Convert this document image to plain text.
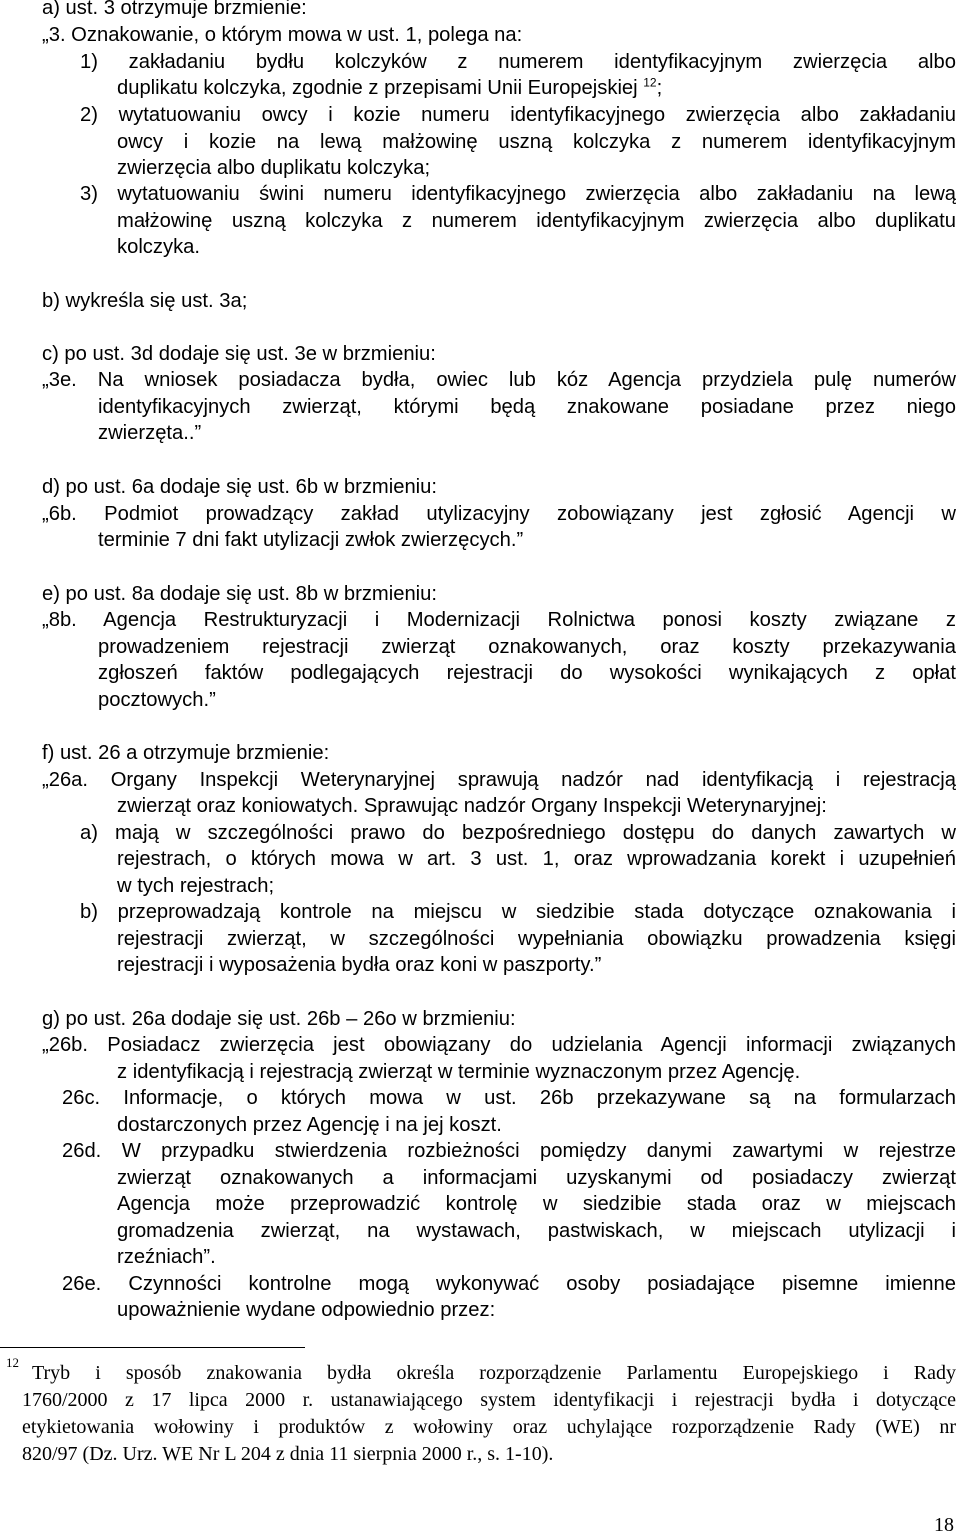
a) ust. 3 otrzymuje brzmienie:
„3. Oznakowanie, o którym mowa w ust. 1, polega na:
1) zakładaniu bydłu kolczyków z numerem identyfikacyjnym zwierzęcia albo
duplikatu kolczyka, zgodnie z przepisami Unii Europejskiej $^{12}$;
2) wytatuowaniu owcy i kozie numeru identyfikacyjnego zwierzęcia albo zakładaniu
owcy i kozie na lewą małżowinę uszną kolczyka z numerem identyfikacyjnym
zwierzęcia albo duplikatu kolczyka;
3) wytatuowaniu świni numeru identyfikacyjnego zwierzęcia albo zakładaniu na lewą
małżowinę uszną kolczyka z numerem identyfikacyjnym zwierzęcia albo duplikatu
kolczyka.
b) wykreśla się ust. 3a;
c) po ust. 3d dodaje się ust. 3e w brzmieniu:
„3e. Na wniosek posiadacza bydła, owiec lub kóz Agencja przydziela pulę numerów
identyfikacyjnych zwierząt, którymi będą znakowane posiadane przez niego
zwierzęta..”
d) po ust. 6a dodaje się ust. 6b w brzmieniu:
„6b. Podmiot prowadzący zakład utylizacyjny zobowiązany jest zgłosić Agencji w
terminie 7 dni fakt utylizacji zwłok zwierzęcych.”
e) po ust. 8a dodaje się ust. 8b w brzmieniu:
„8b. Agencja Restrukturyzacji i Modernizacji Rolnictwa ponosi koszty związane z
prowadzeniem rejestracji zwierząt oznakowanych, oraz koszty przekazywania
zgłoszeń faktów podlegających rejestracji do wysokości wynikających z opłat
pocztowych.”
f) ust. 26 a otrzymuje brzmienie:
„26a. Organy Inspekcji Weterynaryjnej sprawują nadzór nad identyfikacją i rejestracją
zwierząt oraz koniowatych. Sprawując nadzór Organy Inspekcji Weterynaryjnej:
a) mają w szczególności prawo do bezpośredniego dostępu do danych zawartych w
rejestrach, o których mowa w art. 3 ust. 1, oraz wprowadzania korekt i uzupełnień
w tych rejestrach;
b) przeprowadzają kontrole na miejscu w siedzibie stada dotyczące oznakowania i
rejestracji zwierząt, w szczególności wypełniania obowiązku prowadzenia księgi
rejestracji i wyposażenia bydła oraz koni w paszporty.”
g) po ust. 26a dodaje się ust. 26b – 26o w brzmieniu:
„26b. Posiadacz zwierzęcia jest obowiązany do udzielania Agencji informacji związanych
z identyfikacją i rejestracją zwierząt w terminie wyznaczonym przez Agencję.
26c. Informacje, o których mowa w ust. 26b przekazywane są na formularzach
dostarczonych przez Agencję i na jej koszt.
26d. W przypadku stwierdzenia rozbieżności pomiędzy danymi zawartymi w rejestrze
zwierząt oznakowanych a informacjami uzyskanymi od posiadaczy zwierząt
Agencja może przeprowadzić kontrolę w siedzibie stada oraz w miejscach
gromadzenia zwierząt, na wystawach, pastwiskach, w miejscach utylizacji i
rzeźniach”.
26e. Czynności kontrolne mogą wykonywać osoby posiadające pisemne imienne
upoważnienie wydane odpowiednio przez:
12 Tryb i sposób znakowania bydła określa rozporządzenie Parlamentu Europejskiego i Rady
1760/2000 z 17 lipca 2000 r. ustanawiającego system identyfikacji i rejestracji bydła i dotyczące
etykietowania wołowiny i produktów z wołowiny oraz uchylające rozporządzenie Rady (WE) nr
820/97 (Dz. Urz. WE Nr L 204 z dnia 11 sierpnia 2000 r., s. 1-10).
18
